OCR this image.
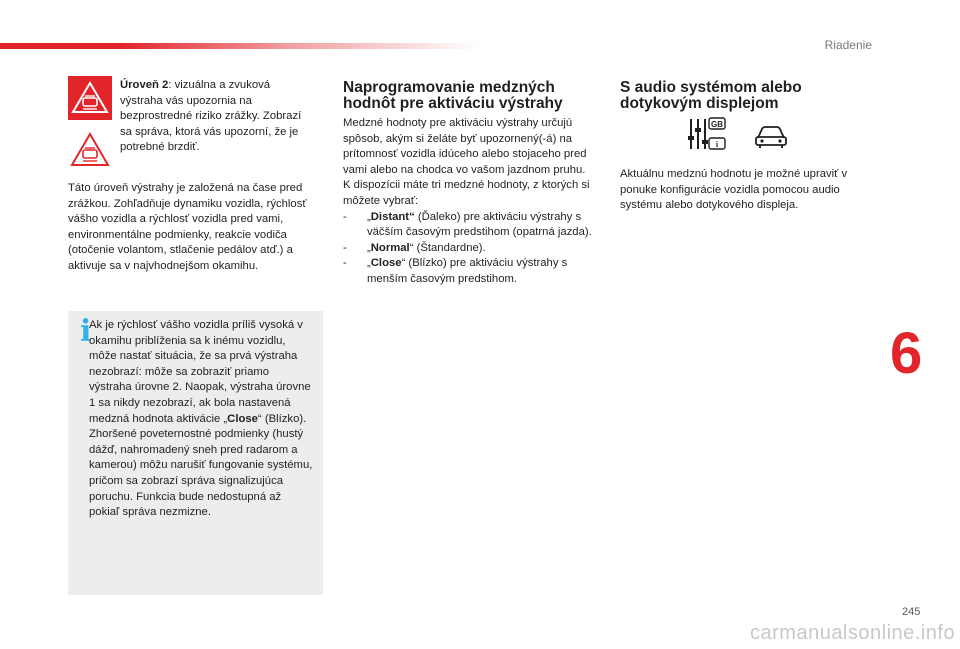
Riadenie
6
Úroveň 2: vizuálna a zvuková výstraha vás upozornia na bezprostredné riziko zrážky. Zobrazí sa správa, ktorá vás upozorní, že je potrebné brzdiť.
Táto úroveň výstrahy je založená na čase pred zrážkou. Zohľadňuje dynamiku vozidla, rýchlosť vášho vozidla a rýchlosť vozidla pred vami, environmentálne podmienky, reakcie vodiča (otočenie volantom, stlačenie pedálov atď.) a aktivuje sa v najvhodnejšom okamihu.
i
Ak je rýchlosť vášho vozidla príliš vysoká v okamihu priblíženia sa k inému vozidlu, môže nastať situácia, že sa prvá výstraha nezobrazí: môže sa zobraziť priamo výstraha úrovne 2. Naopak, výstraha úrovne 1 sa nikdy nezobrazí, ak bola nastavená medzná hodnota aktivácie „Close“ (Blízko). Zhoršené poveternostné podmienky (hustý dážď, nahromadený sneh pred radarom a kamerou) môžu narušiť fungovanie systému, pričom sa zobrazí správa signalizujúca poruchu. Funkcia bude nedostupná až pokiaľ správa nezmizne.
Naprogramovanie medzných hodnôt pre aktiváciu výstrahy
Medzné hodnoty pre aktiváciu výstrahy určujú spôsob, akým si želáte byť upozornený(-á) na prítomnosť vozidla idúceho alebo stojaceho pred vami alebo na chodca vo vašom jazdnom pruhu.
K dispozícii máte tri medzné hodnoty, z ktorých si môžete vybrať:
-	„Distant“ (Ďaleko) pre aktiváciu výstrahy s väčším časovým predstihom (opatrná jazda).
-	„Normal“ (Štandardne).
-	„Close“ (Blízko) pre aktiváciu výstrahy s menším časovým predstihom.
S audio systémom alebo dotykovým displejom
GB
i

Aktuálnu medznú hodnotu je možné upraviť v ponuke konfigurácie vozidla pomocou audio systému alebo dotykového displeja.
245
carmanualsonline.info
